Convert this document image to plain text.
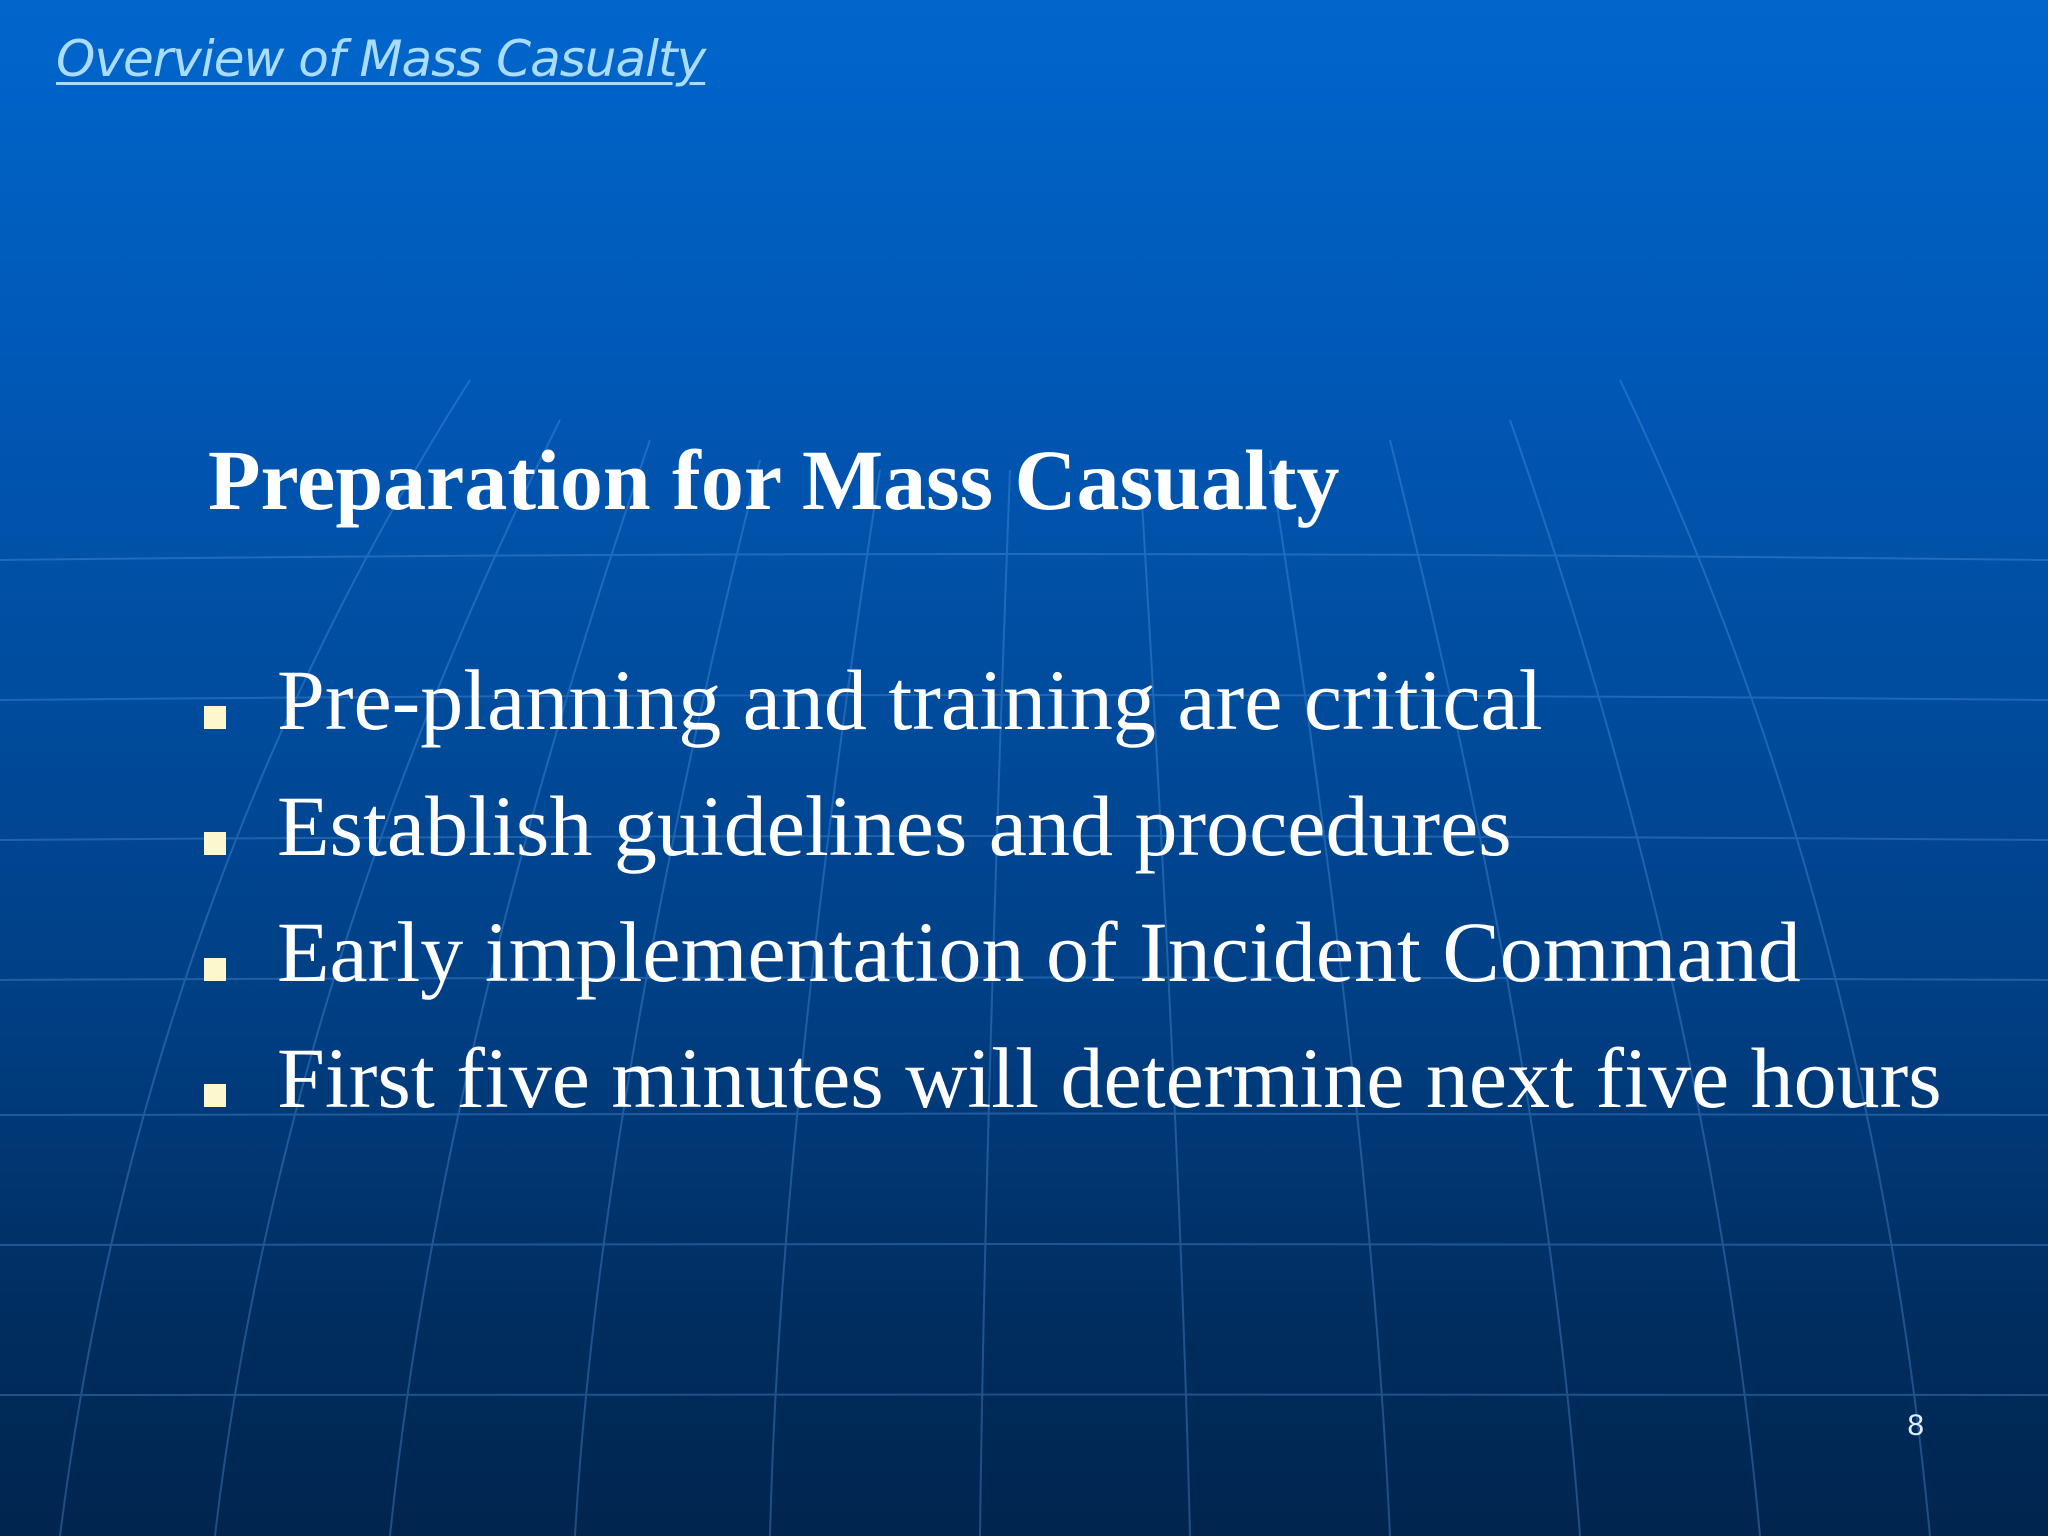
Overview of Mass Casualty
Preparation for Mass Casualty
Pre-planning and training are critical
Establish guidelines and procedures
Early implementation of Incident Command
First five minutes will determine next five hours
8
